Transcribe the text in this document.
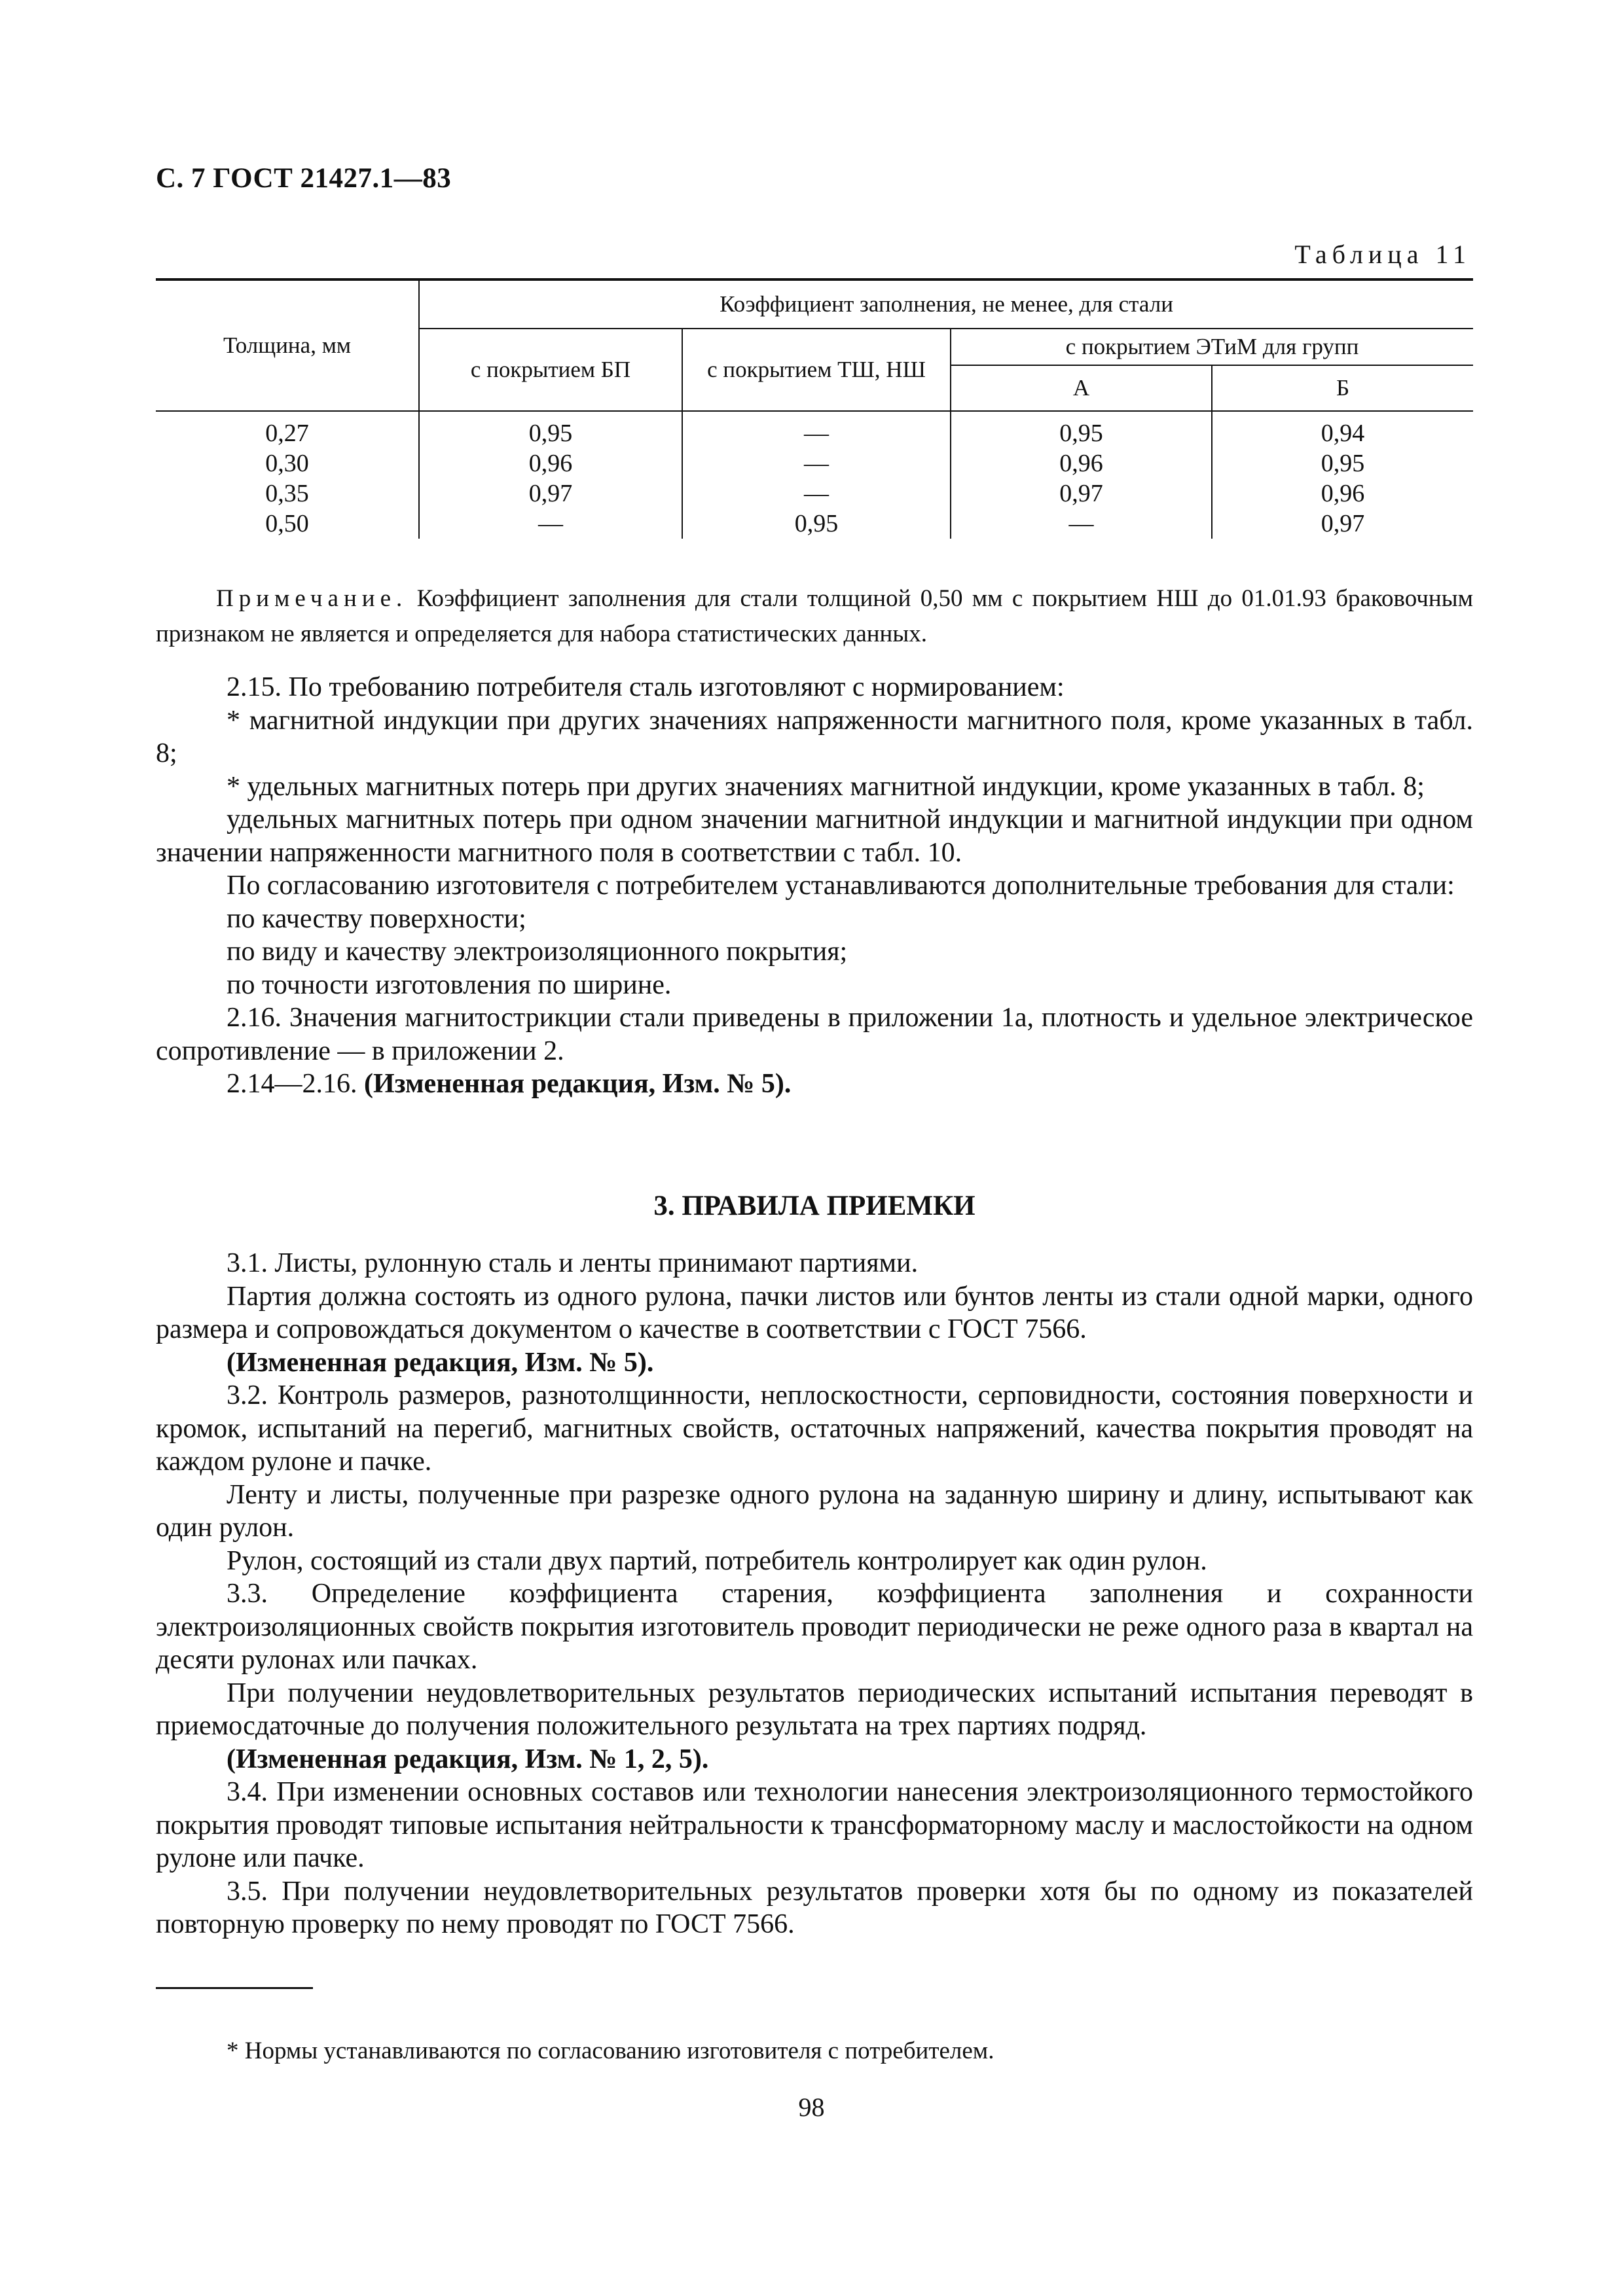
С. 7 ГОСТ 21427.1—83
Таблица 11
Толщина, мм	Коэффициент заполнения, не менее, для стали			
	с покрытием БП	с покрытием ТШ, НШ	с покрытием ЭТиМ для групп	
			А	Б

0,27	0,95	—	0,95	0,94
0,30	0,96	—	0,96	0,95
0,35	0,97	—	0,97	0,96
0,50	—	0,95	—	0,97
Примечание. Коэффициент заполнения для стали толщиной 0,50 мм с покрытием НШ до 01.01.93 браковочным признаком не является и определяется для набора статистических данных.

2.15. По требованию потребителя сталь изготовляют с нормированием:

* магнитной индукции при других значениях напряженности магнитного поля, кроме указанных в табл. 8;

* удельных магнитных потерь при других значениях магнитной индукции, кроме указанных в табл. 8;

удельных магнитных потерь при одном значении магнитной индукции и магнитной индукции при одном значении напряженности магнитного поля в соответствии с табл. 10.

По согласованию изготовителя с потребителем устанавливаются дополнительные требования для стали:

по качеству поверхности;

по виду и качеству электроизоляционного покрытия;

по точности изготовления по ширине.

2.16. Значения магнитострикции стали приведены в приложении 1а, плотность и удельное электрическое сопротивление — в приложении 2.

2.14—2.16. (Измененная редакция, Изм. № 5).

3. ПРАВИЛА ПРИЕМКИ

3.1. Листы, рулонную сталь и ленты принимают партиями.

Партия должна состоять из одного рулона, пачки листов или бунтов ленты из стали одной марки, одного размера и сопровождаться документом о качестве в соответствии с ГОСТ 7566.

(Измененная редакция, Изм. № 5).

3.2. Контроль размеров, разнотолщинности, неплоскостности, серповидности, состояния поверхности и кромок, испытаний на перегиб, магнитных свойств, остаточных напряжений, качества покрытия проводят на каждом рулоне и пачке.

Ленту и листы, полученные при разрезке одного рулона на заданную ширину и длину, испытывают как один рулон.

Рулон, состоящий из стали двух партий, потребитель контролирует как один рулон.

3.3. Определение коэффициента старения, коэффициента заполнения и сохранности электроизоляционных свойств покрытия изготовитель проводит периодически не реже одного раза в квартал на десяти рулонах или пачках.

При получении неудовлетворительных результатов периодических испытаний испытания переводят в приемосдаточные до получения положительного результата на трех партиях подряд.

(Измененная редакция, Изм. № 1, 2, 5).

3.4. При изменении основных составов или технологии нанесения электроизоляционного термостойкого покрытия проводят типовые испытания нейтральности к трансформаторному маслу и маслостойкости на одном рулоне или пачке.

3.5. При получении неудовлетворительных результатов проверки хотя бы по одному из показателей повторную проверку по нему проводят по ГОСТ 7566.

* Нормы устанавливаются по согласованию изготовителя с потребителем.
98
